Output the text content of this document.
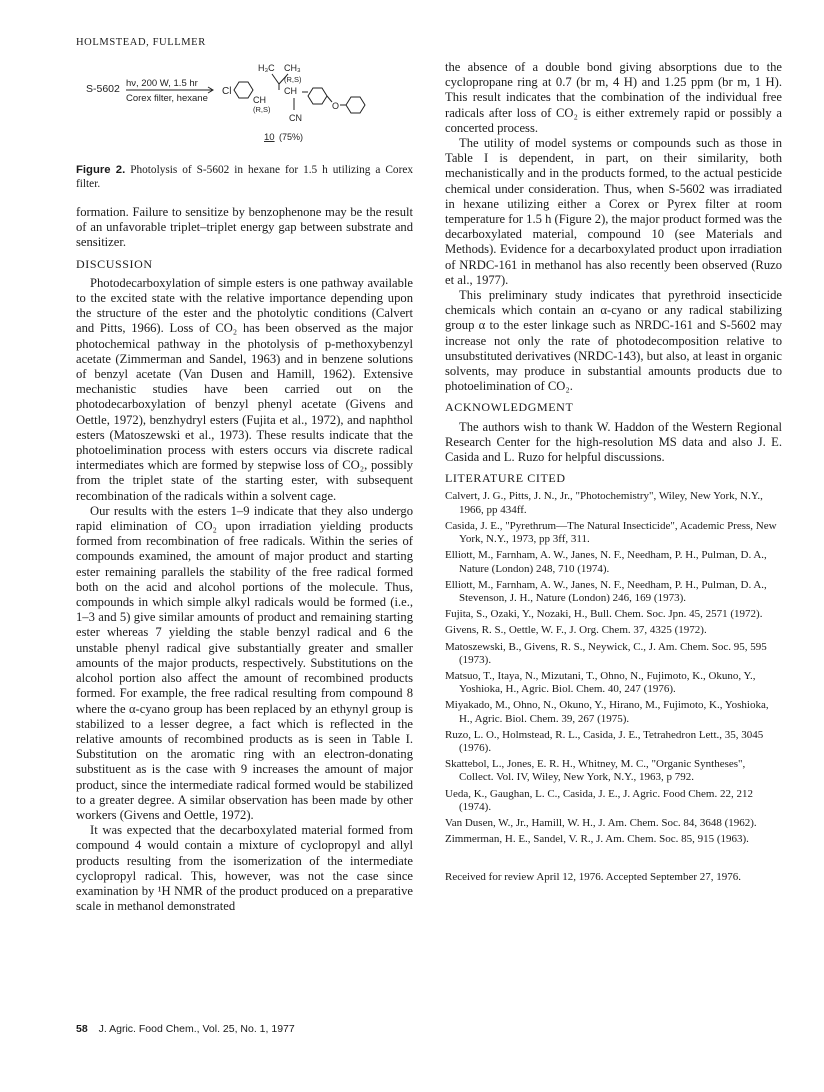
HOLMSTEAD, FULLMER
S-5602 hν, 200 W, 1.5 hr
Corex filter, hexane
Cl
CH
H₃C CH₃
(R,S)
CH
(R,S)
CN
O
10 (75%)

Figure 2. Photolysis of S-5602 in hexane for 1.5 h utilizing a Corex filter.

formation. Failure to sensitize by benzophenone may be the result of an unfavorable triplet–triplet energy gap between substrate and sensitizer.

DISCUSSION

Photodecarboxylation of simple esters is one pathway available to the excited state with the relative importance depending upon the structure of the ester and the photolytic conditions (Calvert and Pitts, 1966). Loss of CO₂ has been observed as the major photochemical pathway in the photolysis of p-methoxybenzyl acetate (Zimmerman and Sandel, 1963) and in benzene solutions of benzyl acetate (Van Dusen and Hamill, 1962). Extensive mechanistic studies have been carried out on the photodecarboxylation of benzyl phenyl acetate (Givens and Oettle, 1972), benzhydryl esters (Fujita et al., 1972), and naphthol esters (Matoszewski et al., 1973). These results indicate that the photoelimination process with esters occurs via discrete radical intermediates which are formed by stepwise loss of CO₂, possibly from the triplet state of the starting ester, with subsequent recombination of the radicals within a solvent cage.

Our results with the esters 1–9 indicate that they also undergo rapid elimination of CO₂ upon irradiation yielding products formed from recombination of free radicals. Within the series of compounds examined, the amount of major product and starting ester remaining parallels the stability of the free radical formed both on the acid and alcohol portions of the molecule. Thus, compounds in which simple alkyl radicals would be formed (i.e., 1–3 and 5) give similar amounts of product and remaining starting ester whereas 7 yielding the stable benzyl radical and 6 the unstable phenyl radical give substantially greater and smaller amounts of the major products, respectively. Substitutions on the alcohol portion also affect the amount of recombined products formed. For example, the free radical resulting from compound 8 where the α-cyano group has been replaced by an ethynyl group is stabilized to a lesser degree, a fact which is reflected in the relative amounts of recombined products as is seen in Table I. Substitution on the aromatic ring with an electron-donating substituent as is the case with 9 increases the amount of major product, since the intermediate radical formed would be stabilized to a greater degree. A similar observation has been made by other workers (Givens and Oettle, 1972).

It was expected that the decarboxylated material formed from compound 4 would contain a mixture of cyclopropyl and allyl products resulting from the isomerization of the intermediate cyclopropyl radical. This, however, was not the case since examination by ¹H NMR of the product produced on a preparative scale in methanol demonstrated

the absence of a double bond giving absorptions due to the cyclopropane ring at 0.7 (br m, 4 H) and 1.25 ppm (br m, 1 H). This result indicates that the combination of the individual free radicals after loss of CO₂ is either extremely rapid or possibly a concerted process.

The utility of model systems or compounds such as those in Table I is dependent, in part, on their similarity, both mechanistically and in the products formed, to the actual pesticide chemical under consideration. Thus, when S-5602 was irradiated in hexane utilizing either a Corex or Pyrex filter at room temperature for 1.5 h (Figure 2), the major product formed was the decarboxylated material, compound 10 (see Materials and Methods). Evidence for a decarboxylated product upon irradiation of NRDC-161 in methanol has also recently been observed (Ruzo et al., 1977).

This preliminary study indicates that pyrethroid insecticide chemicals which contain an α-cyano or any radical stabilizing group α to the ester linkage such as NRDC-161 and S-5602 may increase not only the rate of photodecomposition relative to unsubstituted derivatives (NRDC-143), but also, at least in organic solvents, may produce in substantial amounts products due to photoelimination of CO₂.

ACKNOWLEDGMENT

The authors wish to thank W. Haddon of the Western Regional Research Center for the high-resolution MS data and also J. E. Casida and L. Ruzo for helpful discussions.

LITERATURE CITED

Calvert, J. G., Pitts, J. N., Jr., "Photochemistry", Wiley, New York, N.Y., 1966, pp 434ff.

Casida, J. E., "Pyrethrum—The Natural Insecticide", Academic Press, New York, N.Y., 1973, pp 3ff, 311.

Elliott, M., Farnham, A. W., Janes, N. F., Needham, P. H., Pulman, D. A., Nature (London) 248, 710 (1974).

Elliott, M., Farnham, A. W., Janes, N. F., Needham, P. H., Pulman, D. A., Stevenson, J. H., Nature (London) 246, 169 (1973).

Fujita, S., Ozaki, Y., Nozaki, H., Bull. Chem. Soc. Jpn. 45, 2571 (1972).

Givens, R. S., Oettle, W. F., J. Org. Chem. 37, 4325 (1972).

Matoszewski, B., Givens, R. S., Neywick, C., J. Am. Chem. Soc. 95, 595 (1973).

Matsuo, T., Itaya, N., Mizutani, T., Ohno, N., Fujimoto, K., Okuno, Y., Yoshioka, H., Agric. Biol. Chem. 40, 247 (1976).

Miyakado, M., Ohno, N., Okuno, Y., Hirano, M., Fujimoto, K., Yoshioka, H., Agric. Biol. Chem. 39, 267 (1975).

Ruzo, L. O., Holmstead, R. L., Casida, J. E., Tetrahedron Lett., 35, 3045 (1976).

Skattebol, L., Jones, E. R. H., Whitney, M. C., "Organic Syntheses", Collect. Vol. IV, Wiley, New York, N.Y., 1963, p 792.

Ueda, K., Gaughan, L. C., Casida, J. E., J. Agric. Food Chem. 22, 212 (1974).

Van Dusen, W., Jr., Hamill, W. H., J. Am. Chem. Soc. 84, 3648 (1962).

Zimmerman, H. E., Sandel, V. R., J. Am. Chem. Soc. 85, 915 (1963).

Received for review April 12, 1976. Accepted September 27, 1976.

58 J. Agric. Food Chem., Vol. 25, No. 1, 1977
